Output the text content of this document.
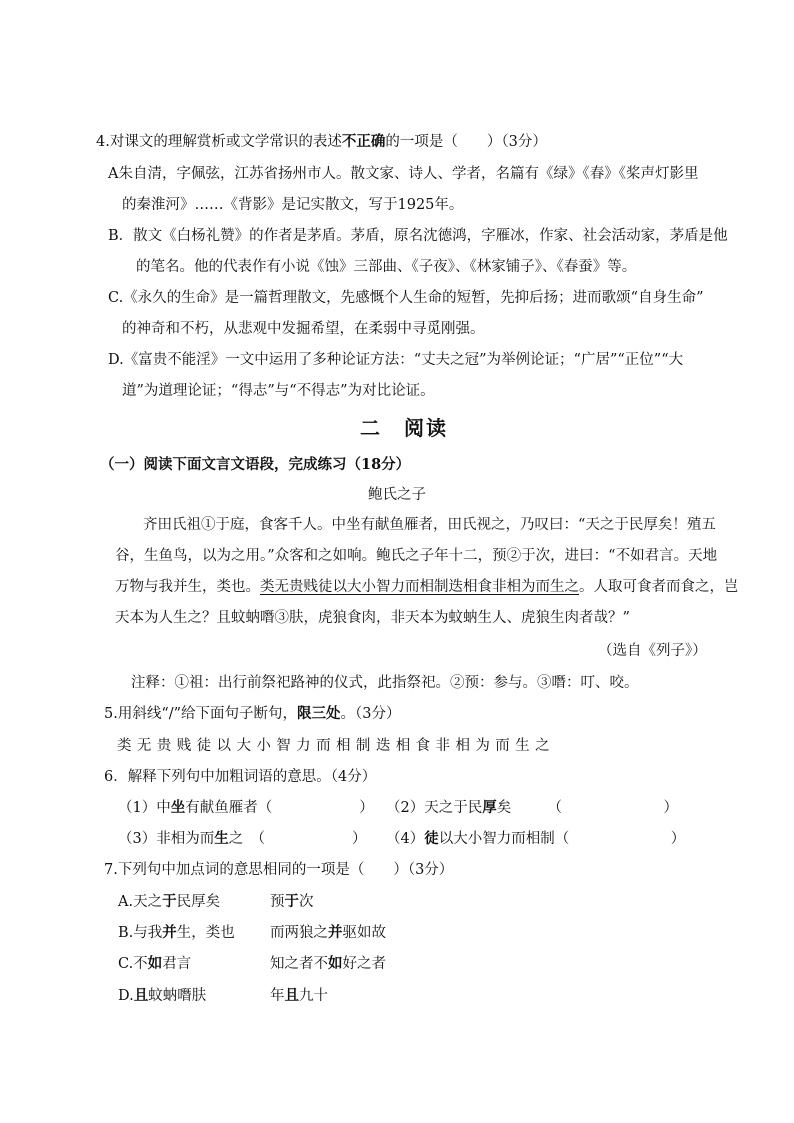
4.对课文的理解赏析或文学常识的表述不正确的一项是（　　）（3分）
A朱自清，字佩弦，江苏省扬州市人。散文家、诗人、学者，名篇有《绿》《春》《桨声灯影里
的秦淮河》……《背影》是记实散文，写于1925年。
B．散文《白杨礼赞》的作者是茅盾。茅盾，原名沈德鸿，字雁冰，作家、社会活动家，茅盾是他
的笔名。他的代表作有小说《蚀》三部曲、《子夜》、《林家铺子》、《春蚕》等。
C.《永久的生命》是一篇哲理散文，先感慨个人生命的短暂，先抑后扬；进而歌颂“自身生命”
的神奇和不朽，从悲观中发掘希望，在柔弱中寻觅刚强。
D.《富贵不能淫》一文中运用了多种论证方法：“丈夫之冠”为举例论证；“广居”“正位”“大
道”为道理论证；“得志”与“不得志”为对比论证。
二　阅读
（一）阅读下面文言文语段，完成练习（18分）
鲍氏之子
齐田氏祖①于庭，食客千人。中坐有献鱼雁者，田氏视之，乃叹曰：“天之于民厚矣！殖五
谷，生鱼鸟，以为之用。”众客和之如响。鲍氏之子年十二，预②于次，进曰：“不如君言。天地
万物与我并生，类也。类无贵贱徒以大小智力而相制迭相食非相为而生之。人取可食者而食之，岂
天本为人生之？且蚊蚋噆③肤，虎狼食肉，非天本为蚊蚋生人、虎狼生肉者哉？”
（选自《列子》）
注释：①祖：出行前祭祀路神的仪式，此指祭祀。②预：参与。③噆：叮、咬。
5.用斜线“/”给下面句子断句，限三处。（3分）
类 无 贵 贱 徒 以 大 小 智 力 而 相 制 迭 相 食 非 相 为 而 生 之
6．解释下列句中加粗词语的意思。（4分）
（1）中坐有献鱼雁者（　　　　　　） （2）天之于民厚矣　　　（　　　　　　　）
（3）非相为而生之　（　　　　　　） （4）徒以大小智力而相制（　　　　　　　）
7.下列句中加点词的意思相同的一项是（　　）（3分）
A.天之于民厚矣	预于次
B.与我并生，类也 而两狼之并驱如故
C.不如君言	知之者不如好之者
D.且蚊蚋噆肤	年且九十
